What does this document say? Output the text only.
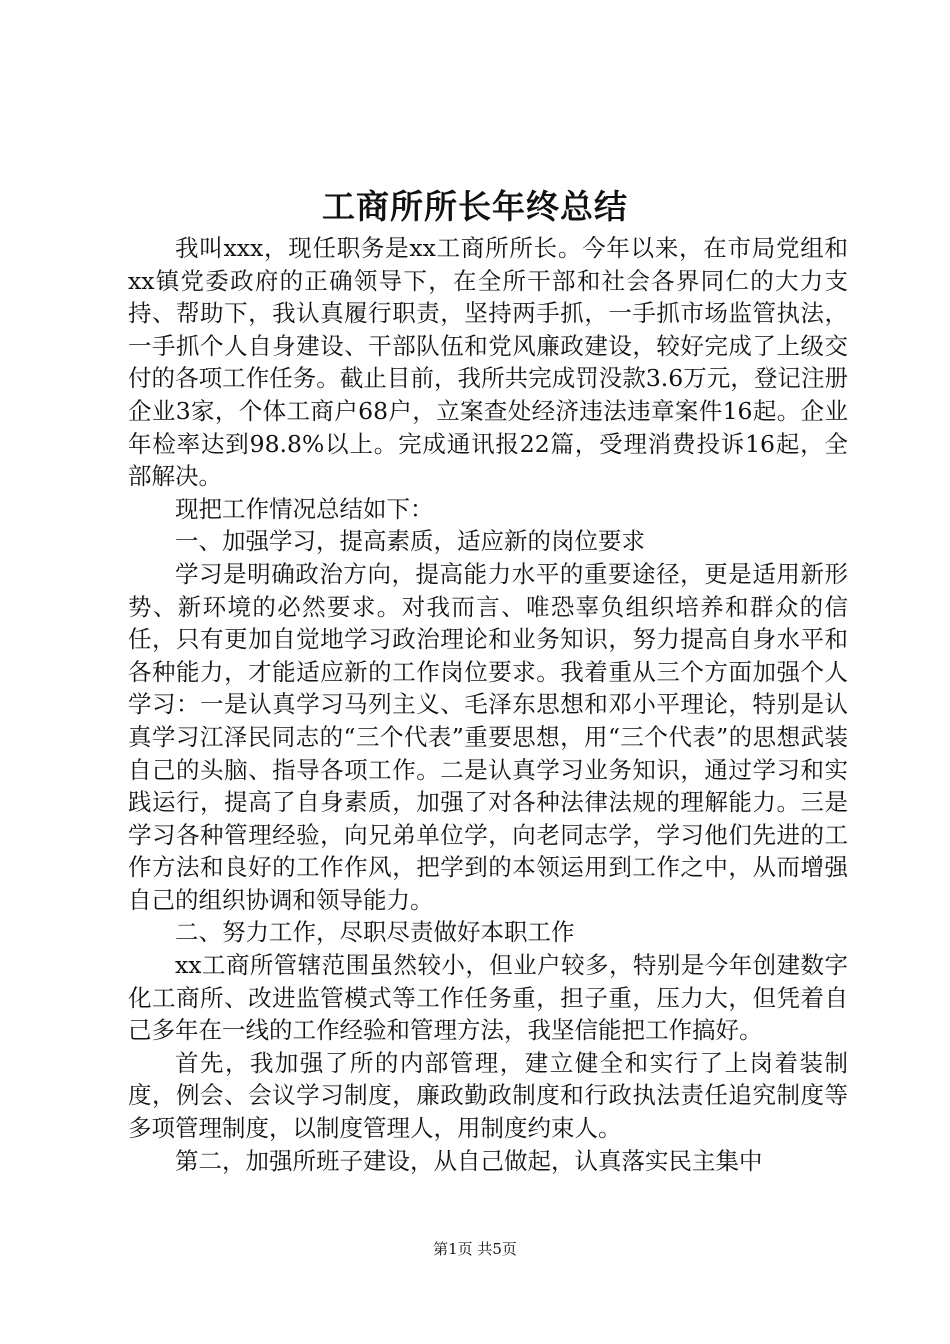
工商所所长年终总结

我叫xxx，现任职务是xx工商所所长。今年以来，在市局党组和xx镇党委政府的正确领导下，在全所干部和社会各界同仁的大力支持、帮助下，我认真履行职责，坚持两手抓，一手抓市场监管执法，一手抓个人自身建设、干部队伍和党风廉政建设，较好完成了上级交付的各项工作任务。截止目前，我所共完成罚没款3.6万元，登记注册企业3家，个体工商户68户，立案查处经济违法违章案件16起。企业年检率达到98.8%以上。完成通讯报22篇，受理消费投诉16起，全部解决。

现把工作情况总结如下：

一、加强学习，提高素质，适应新的岗位要求

学习是明确政治方向，提高能力水平的重要途径，更是适用新形势、新环境的必然要求。对我而言、唯恐辜负组织培养和群众的信任，只有更加自觉地学习政治理论和业务知识，努力提高自身水平和各种能力，才能适应新的工作岗位要求。我着重从三个方面加强个人学习：一是认真学习马列主义、毛泽东思想和邓小平理论，特别是认真学习江泽民同志的“三个代表”重要思想，用“三个代表”的思想武装自己的头脑、指导各项工作。二是认真学习业务知识，通过学习和实践运行，提高了自身素质，加强了对各种法律法规的理解能力。三是学习各种管理经验，向兄弟单位学，向老同志学，学习他们先进的工作方法和良好的工作作风，把学到的本领运用到工作之中，从而增强自己的组织协调和领导能力。

二、努力工作，尽职尽责做好本职工作

xx工商所管辖范围虽然较小，但业户较多，特别是今年创建数字化工商所、改进监管模式等工作任务重，担子重，压力大，但凭着自己多年在一线的工作经验和管理方法，我坚信能把工作搞好。

首先，我加强了所的内部管理，建立健全和实行了上岗着装制度，例会、会议学习制度，廉政勤政制度和行政执法责任追究制度等多项管理制度，以制度管理人，用制度约束人。

第二，加强所班子建设，从自己做起，认真落实民主集中

第1页 共5页
